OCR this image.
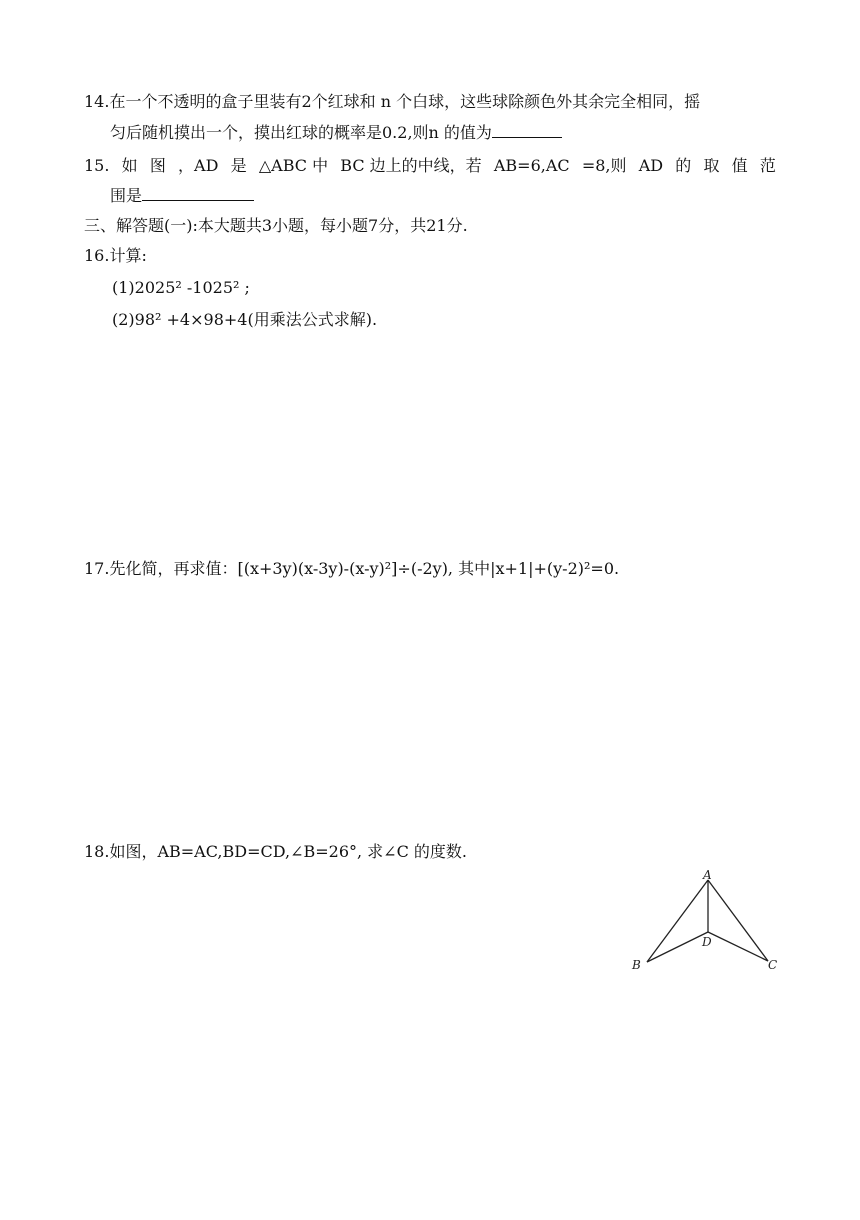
14.在一个不透明的盒子里装有2个红球和 n 个白球，这些球除颜色外其余完全相同，摇
匀后随机摸出一个，摸出红球的概率是0.2,则n 的值为
15. 如 图 ，AD 是 △ABC 中 BC 边上的中线，若 AB=6,AC =8,则 AD 的 取 值 范
围是
三、解答题(一):本大题共3小题，每小题7分，共21分.
16.计算:
(1)2025² -1025² ;
(2)98² +4×98+4(用乘法公式求解).
17.先化简，再求值：[(x+3y)(x-3y)-(x-y)²]÷(-2y), 其中|x+1|+(y-2)²=0.
18.如图，AB=AC,BD=CD,∠B=26°, 求∠C 的度数.
A
B	C
D
